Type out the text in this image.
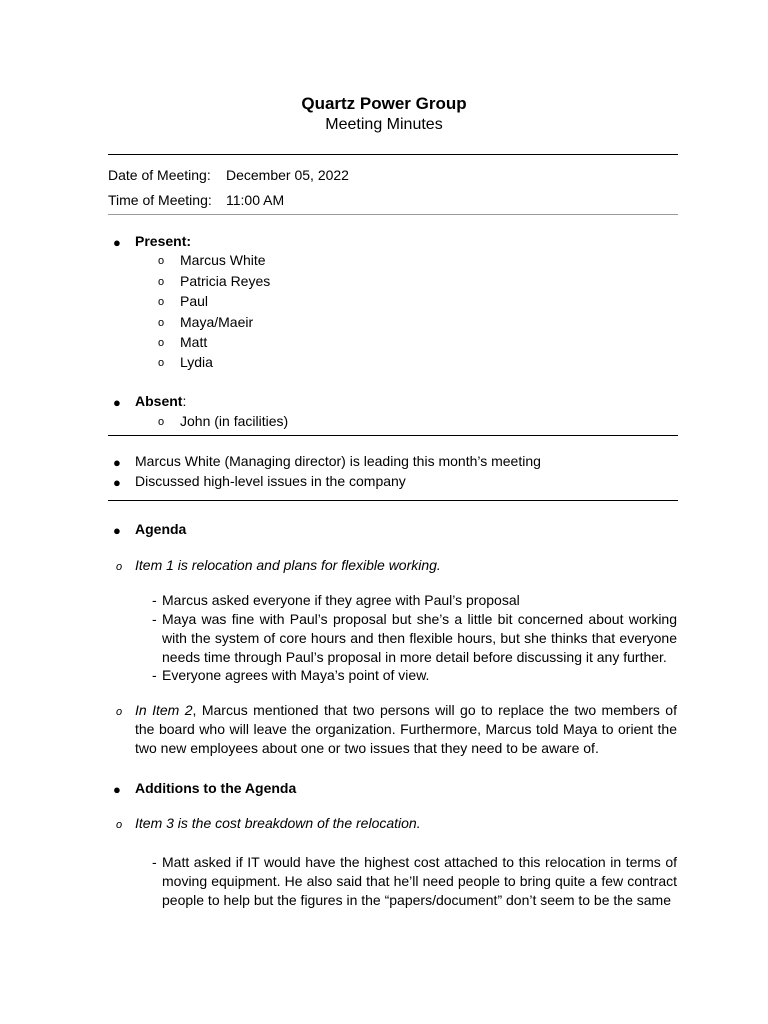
Quartz Power Group
Meeting Minutes
Date of Meeting: December 05, 2022
Time of Meeting: 11:00 AM
● Present:
o Marcus White
o Patricia Reyes
o Paul
o Maya/Maeir
o Matt
o Lydia
● Absent:
o John (in facilities)
● Marcus White (Managing director) is leading this month’s meeting
● Discussed high-level issues in the company
● Agenda
o Item 1 is relocation and plans for flexible working.
- Marcus asked everyone if they agree with Paul’s proposal
- Maya was fine with Paul’s proposal but she’s a little bit concerned about working with the system of core hours and then flexible hours, but she thinks that everyone needs time through Paul’s proposal in more detail before discussing it any further.
- Everyone agrees with Maya’s point of view.
o In Item 2, Marcus mentioned that two persons will go to replace the two members of the board who will leave the organization. Furthermore, Marcus told Maya to orient the two new employees about one or two issues that they need to be aware of.
● Additions to the Agenda
o Item 3 is the cost breakdown of the relocation.
- Matt asked if IT would have the highest cost attached to this relocation in terms of moving equipment. He also said that he’ll need people to bring quite a few contract people to help but the figures in the “papers/document” don’t seem to be the same
